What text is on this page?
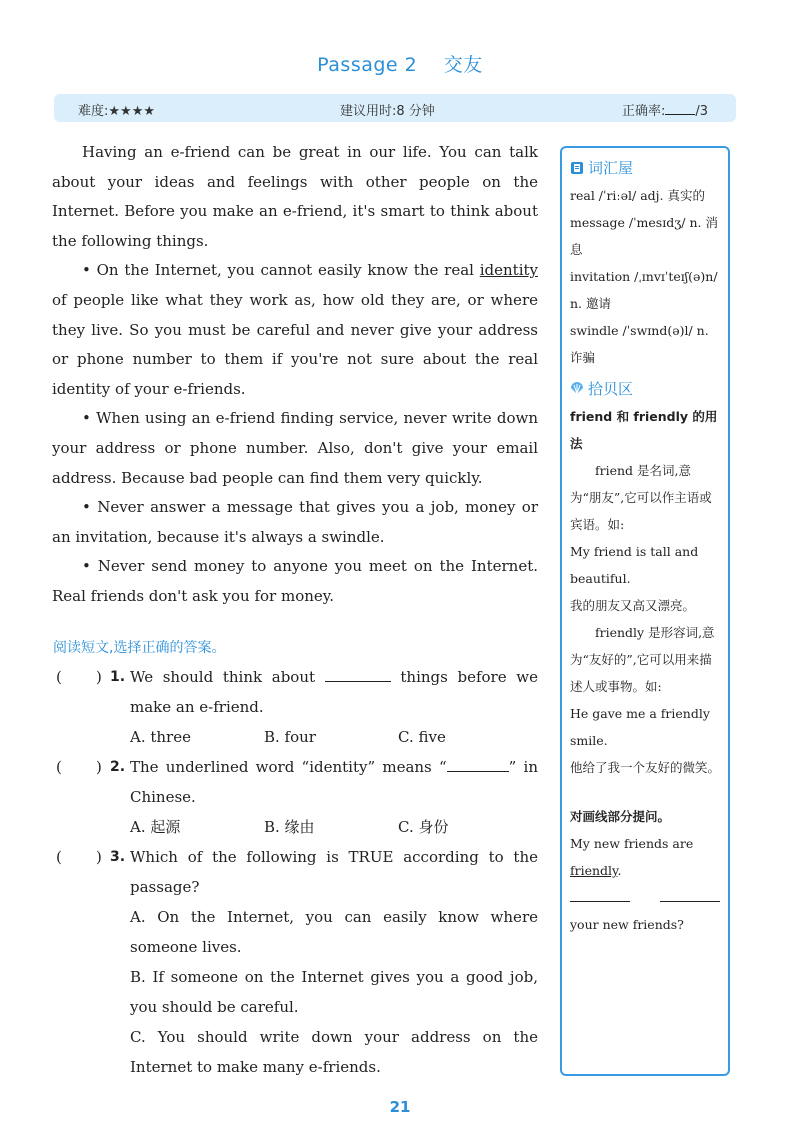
Passage 2 交友
难度:★★★★	建议用时:8 分钟	正确率: /3

Having an e-friend can be great in our life. You can talk about your ideas and feelings with other people on the Internet. Before you make an e-friend, it's smart to think about the following things.

• On the Internet, you cannot easily know the real identity of people like what they work as, how old they are, or where they live. So you must be careful and never give your address or phone number to them if you're not sure about the real identity of your e-friends.

• When using an e-friend finding service, never write down your address or phone number. Also, don't give your email address. Because bad people can find them very quickly.

• Never answer a message that gives you a job, money or an invitation, because it's always a swindle.

• Never send money to anyone you meet on the Internet. Real friends don't ask you for money.

阅读短文,选择正确的答案。
( ) 1. We should think about	things before we make an e-friend.
A. three	B. four	C. five
( ) 2. The underlined word “identity” means “	” in Chinese.
A. 起源	B. 缘由	C. 身份
( ) 3. Which of the following is TRUE according to the passage?
A. On the Internet, you can easily know where someone lives.
B. If someone on the Internet gives you a good job, you should be careful.
C. You should write down your address on the Internet to make many e-friends.
词汇屋

real /ˈriːəl/ adj. 真实的

message /ˈmesɪdʒ/ n. 消息

invitation /ˌɪnvɪˈteɪʃ(ə)n/ n. 邀请

swindle /ˈswɪnd(ə)l/ n. 诈骗

拾贝区

friend 和 friendly 的用法

friend 是名词,意为“朋友”,它可以作主语或宾语。如:

My friend is tall and beautiful.

我的朋友又高又漂亮。

friendly 是形容词,意为“友好的”,它可以用来描述人或事物。如:

He gave me a friendly smile.

他给了我一个友好的微笑。

对画线部分提问。

My new friends are friendly.

your new friends?

21
